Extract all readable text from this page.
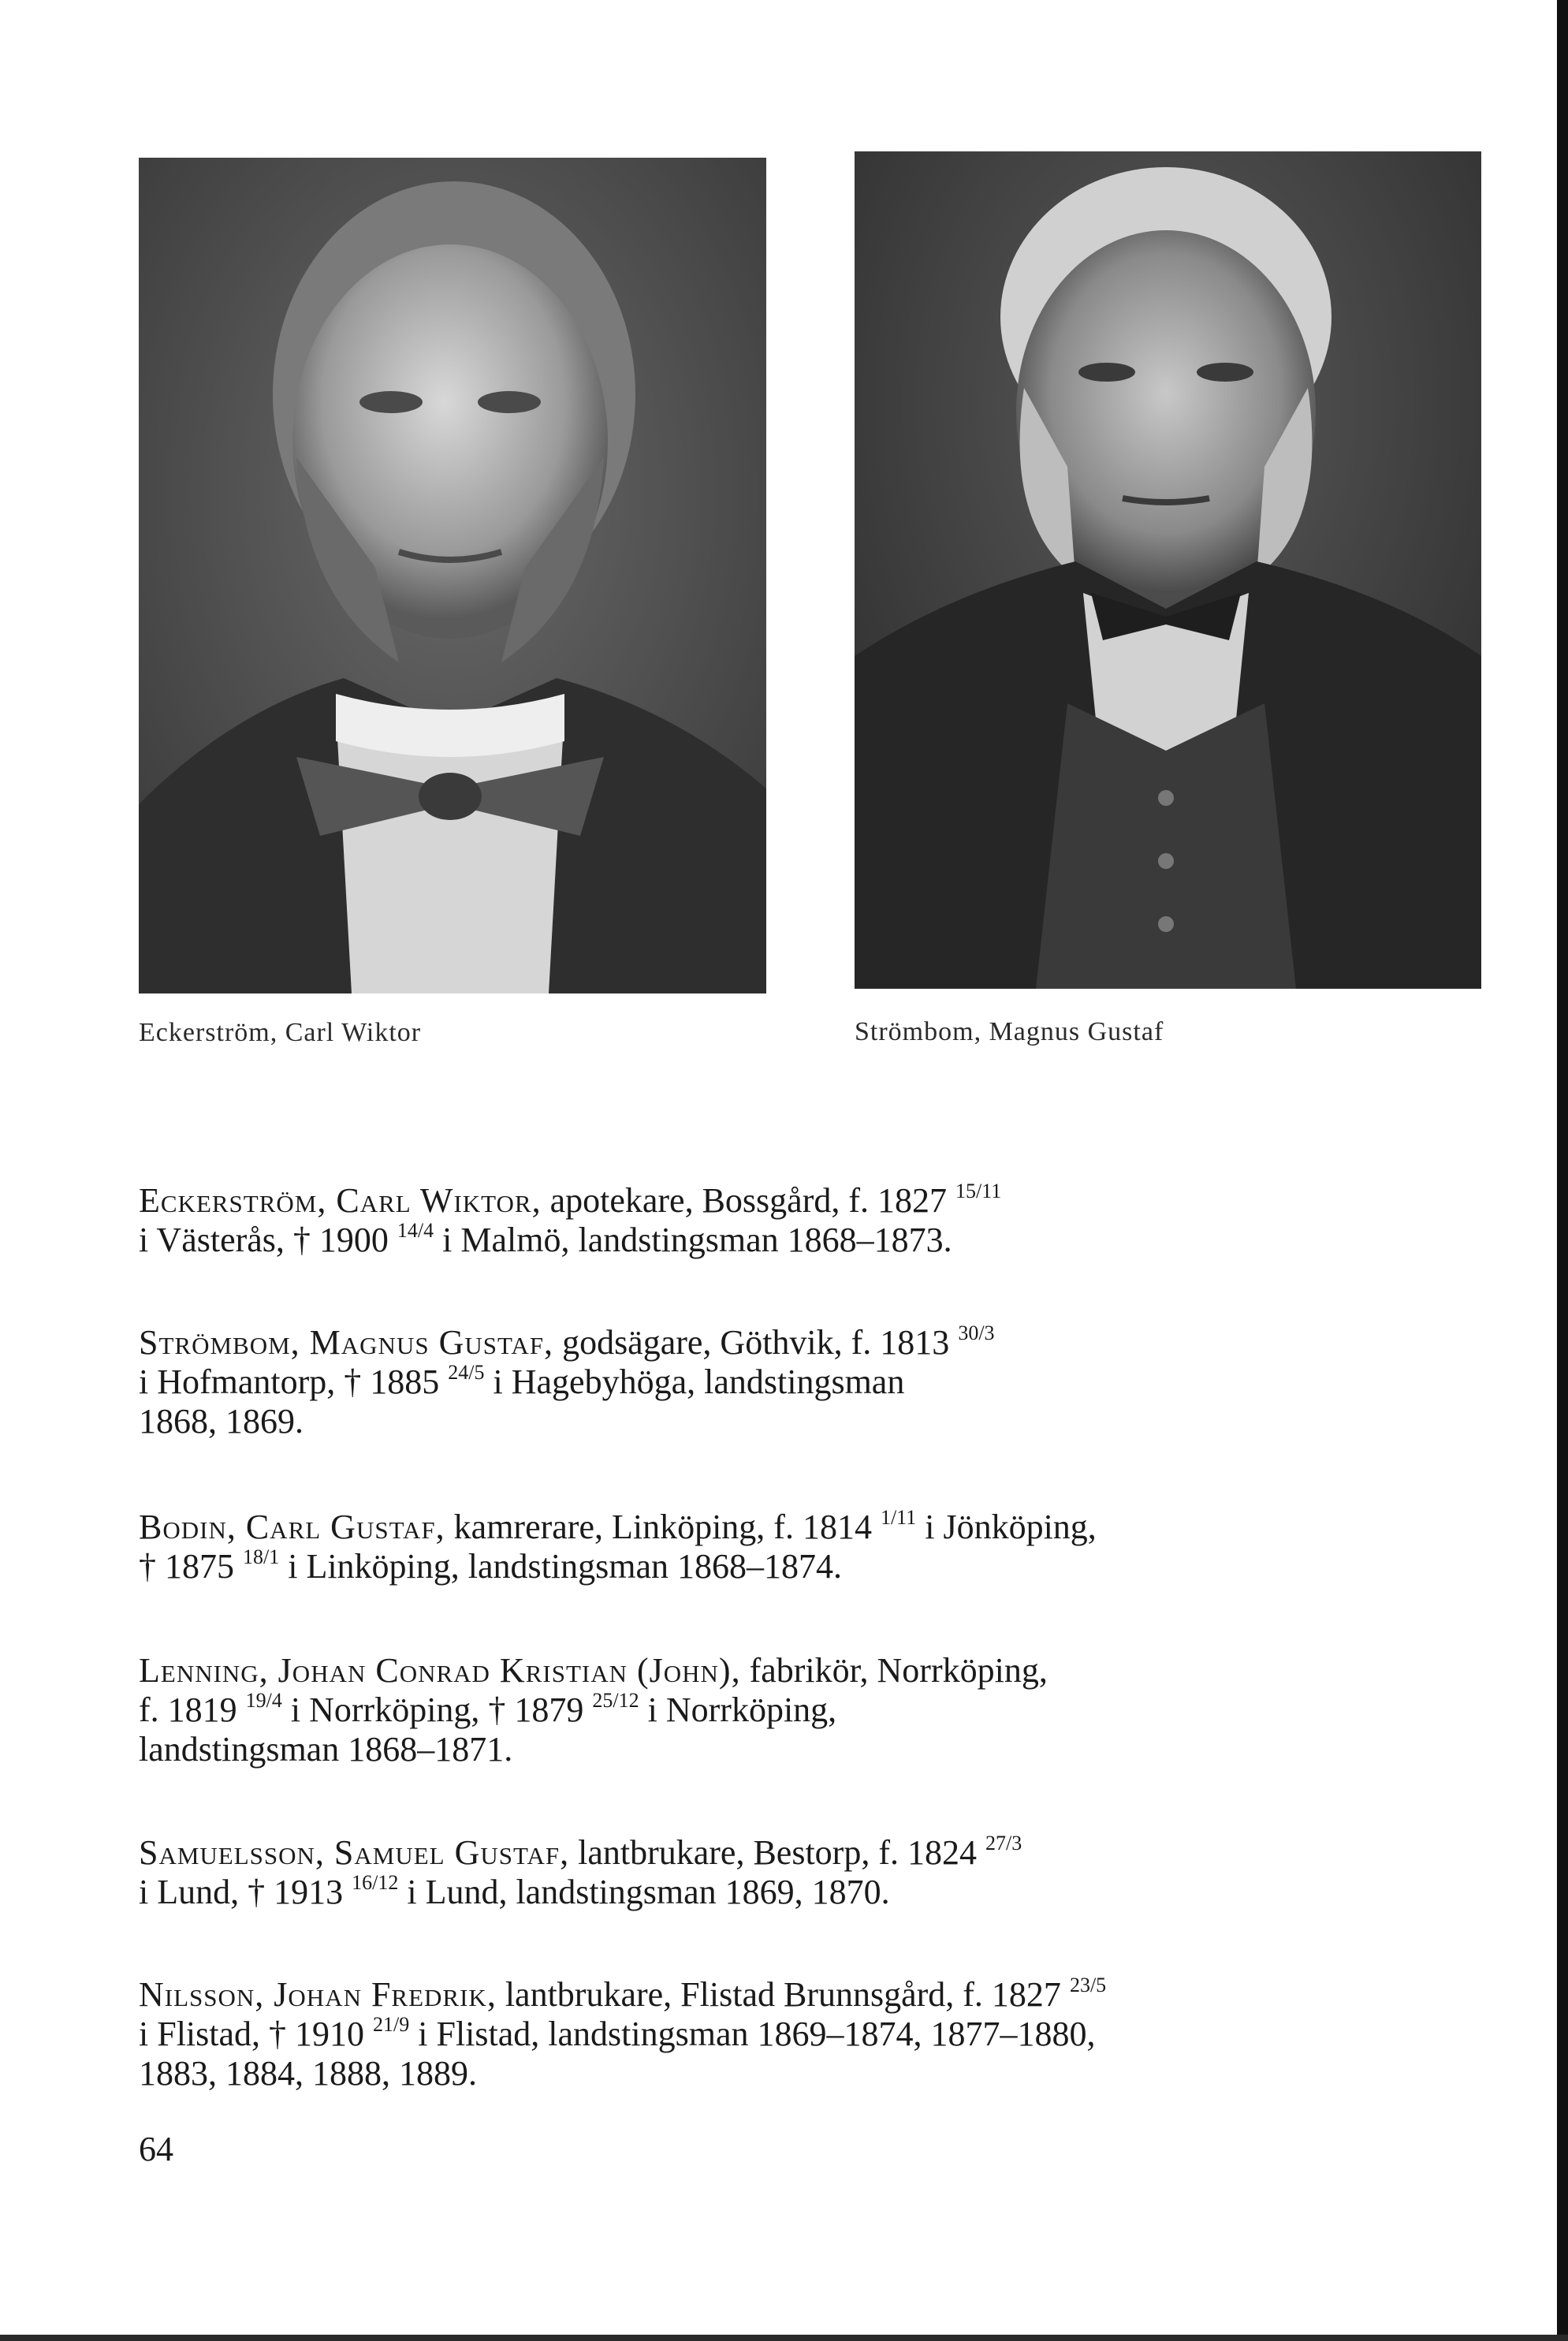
Eckerström, Carl Wiktor	Strömbom, Magnus Gustaf
Eckerström, Carl Wiktor, apotekare, Bossgård, f. 1827 $^{15/11}$
i Västerås, † 1900 $^{14/4}$ i Malmö, landstingsman 1868–1873.
Strömbom, Magnus Gustaf, godsägare, Göthvik, f. 1813 $^{30/3}$
i Hofmantorp, † 1885 $^{24/5}$ i Hagebyhöga, landstingsman
1868, 1869.
Bodin, Carl Gustaf, kamrerare, Linköping, f. 1814 $^{1/11}$ i Jönköping,
† 1875 $^{18/1}$ i Linköping, landstingsman 1868–1874.
Lenning, Johan Conrad Kristian (John), fabrikör, Norrköping,
f. 1819 $^{19/4}$ i Norrköping, † 1879 $^{25/12}$ i Norrköping,
landstingsman 1868–1871.
Samuelsson, Samuel Gustaf, lantbrukare, Bestorp, f. 1824 $^{27/3}$
i Lund, † 1913 $^{16/12}$ i Lund, landstingsman 1869, 1870.
Nilsson, Johan Fredrik, lantbrukare, Flistad Brunnsgård, f. 1827 $^{23/5}$
i Flistad, † 1910 $^{21/9}$ i Flistad, landstingsman 1869–1874, 1877–1880,
1883, 1884, 1888, 1889.
64
